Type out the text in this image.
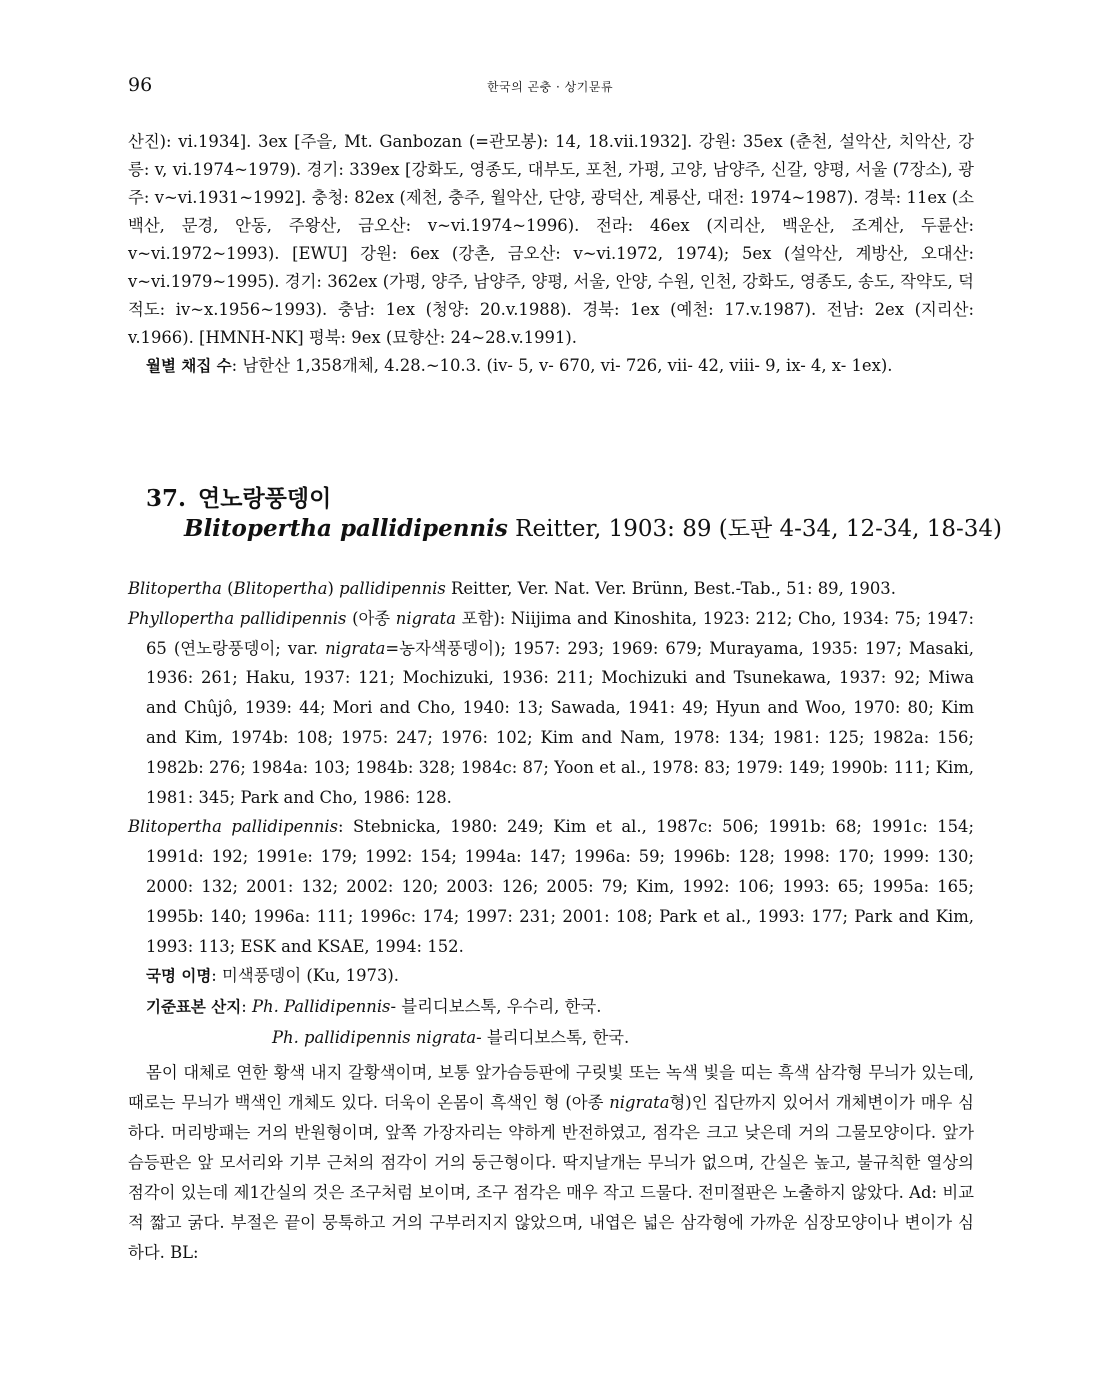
96	한국의 곤충 · 상기문류

산진): vi.1934]. 3ex [주을, Mt. Ganbozan (=관모봉): 14, 18.vii.1932]. 강원: 35ex (춘천, 설악산, 치악산, 강릉: v, vi.1974~1979). 경기: 339ex [강화도, 영종도, 대부도, 포천, 가평, 고양, 남양주, 신갈, 양평, 서울 (7장소), 광주: v~vi.1931~1992]. 충청: 82ex (제천, 충주, 월악산, 단양, 광덕산, 계룡산, 대전: 1974~1987). 경북: 11ex (소백산, 문경, 안동, 주왕산, 금오산: v~vi.1974~1996). 전라: 46ex (지리산, 백운산, 조계산, 두륜산: v~vi.1972~1993). [EWU] 강원: 6ex (강촌, 금오산: v~vi.1972, 1974); 5ex (설악산, 계방산, 오대산: v~vi.1979~1995). 경기: 362ex (가평, 양주, 남양주, 양평, 서울, 안양, 수원, 인천, 강화도, 영종도, 송도, 작약도, 덕적도: iv~x.1956~1993). 충남: 1ex (청양: 20.v.1988). 경북: 1ex (예천: 17.v.1987). 전남: 2ex (지리산: v.1966). [HMNH-NK] 평북: 9ex (묘향산: 24~28.v.1991).

월별 채집 수: 남한산 1,358개체, 4.28.~10.3. (iv- 5, v- 670, vi- 726, vii- 42, viii- 9, ix- 4, x- 1ex).

37. 연노랑풍뎅이
Blitopertha pallidipennis Reitter, 1903: 89 (도판 4-34, 12-34, 18-34)

Blitopertha (Blitopertha) pallidipennis Reitter, Ver. Nat. Ver. Brünn, Best.-Tab., 51: 89, 1903.

Phyllopertha pallidipennis (아종 nigrata 포함): Niijima and Kinoshita, 1923: 212; Cho, 1934: 75; 1947: 65 (연노랑풍뎅이; var. nigrata=농자색풍뎅이); 1957: 293; 1969: 679; Murayama, 1935: 197; Masaki, 1936: 261; Haku, 1937: 121; Mochizuki, 1936: 211; Mochizuki and Tsunekawa, 1937: 92; Miwa and Chûjô, 1939: 44; Mori and Cho, 1940: 13; Sawada, 1941: 49; Hyun and Woo, 1970: 80; Kim and Kim, 1974b: 108; 1975: 247; 1976: 102; Kim and Nam, 1978: 134; 1981: 125; 1982a: 156; 1982b: 276; 1984a: 103; 1984b: 328; 1984c: 87; Yoon et al., 1978: 83; 1979: 149; 1990b: 111; Kim, 1981: 345; Park and Cho, 1986: 128.

Blitopertha pallidipennis: Stebnicka, 1980: 249; Kim et al., 1987c: 506; 1991b: 68; 1991c: 154; 1991d: 192; 1991e: 179; 1992: 154; 1994a: 147; 1996a: 59; 1996b: 128; 1998: 170; 1999: 130; 2000: 132; 2001: 132; 2002: 120; 2003: 126; 2005: 79; Kim, 1992: 106; 1993: 65; 1995a: 165; 1995b: 140; 1996a: 111; 1996c: 174; 1997: 231; 2001: 108; Park et al., 1993: 177; Park and Kim, 1993: 113; ESK and KSAE, 1994: 152.

국명 이명: 미색풍뎅이 (Ku, 1973).

기준표본 산지: Ph. Pallidipennis- 블리디보스톡, 우수리, 한국.

Ph. pallidipennis nigrata- 블리디보스톡, 한국.

몸이 대체로 연한 황색 내지 갈황색이며, 보통 앞가슴등판에 구릿빛 또는 녹색 빛을 띠는 흑색 삼각형 무늬가 있는데, 때로는 무늬가 백색인 개체도 있다. 더욱이 온몸이 흑색인 형 (아종 nigrata형)인 집단까지 있어서 개체변이가 매우 심하다. 머리방패는 거의 반원형이며, 앞쪽 가장자리는 약하게 반전하였고, 점각은 크고 낮은데 거의 그물모양이다. 앞가슴등판은 앞 모서리와 기부 근처의 점각이 거의 둥근형이다. 딱지날개는 무늬가 없으며, 간실은 높고, 불규칙한 열상의 점각이 있는데 제1간실의 것은 조구처럼 보이며, 조구 점각은 매우 작고 드물다. 전미절판은 노출하지 않았다. Ad: 비교적 짧고 굵다. 부절은 끝이 뭉툭하고 거의 구부러지지 않았으며, 내엽은 넓은 삼각형에 가까운 심장모양이나 변이가 심하다. BL:
